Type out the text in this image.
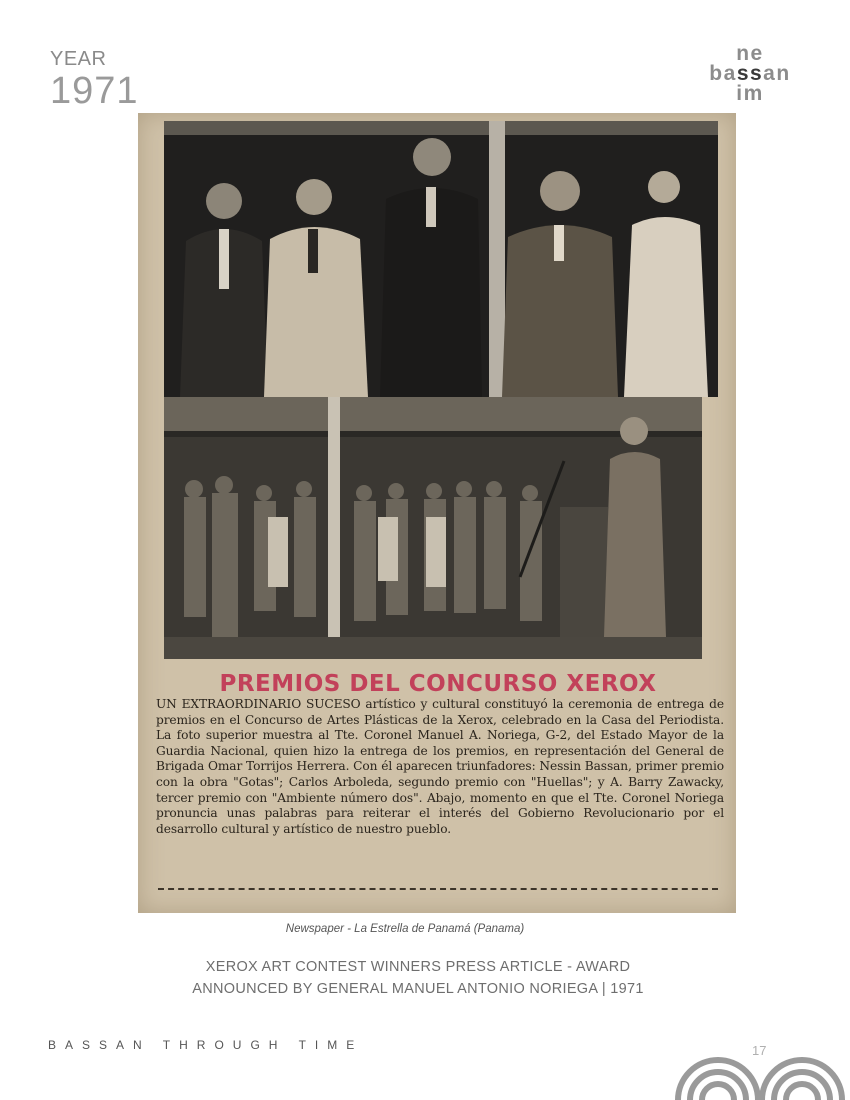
YEAR
1971
ne
bassan
im
PREMIOS DEL CONCURSO XEROX
UN EXTRAORDINARIO SUCESO artístico y cultural constituyó la ceremonia de entrega de premios en el Concurso de Artes Plásticas de la Xerox, celebrado en la Casa del Periodista. La foto superior muestra al Tte. Coronel Manuel A. Noriega, G-2, del Estado Mayor de la Guardia Nacional, quien hizo la entrega de los premios, en representación del General de Brigada Omar Torrijos Herrera. Con él aparecen triunfadores: Nessin Bassan, primer premio con la obra "Gotas"; Carlos Arboleda, segundo premio con "Huellas"; y A. Barry Zawacky, tercer premio con "Ambiente número dos". Abajo, momento en que el Tte. Coronel Noriega pronuncia unas palabras para reiterar el interés del Gobierno Revolucionario por el desarrollo cultural y artístico de nuestro pueblo.
Newspaper - La Estrella de Panamá (Panama)
XEROX ART CONTEST WINNERS PRESS ARTICLE - AWARD
ANNOUNCED BY GENERAL MANUEL ANTONIO NORIEGA | 1971
BASSAN THROUGH TIME	17
